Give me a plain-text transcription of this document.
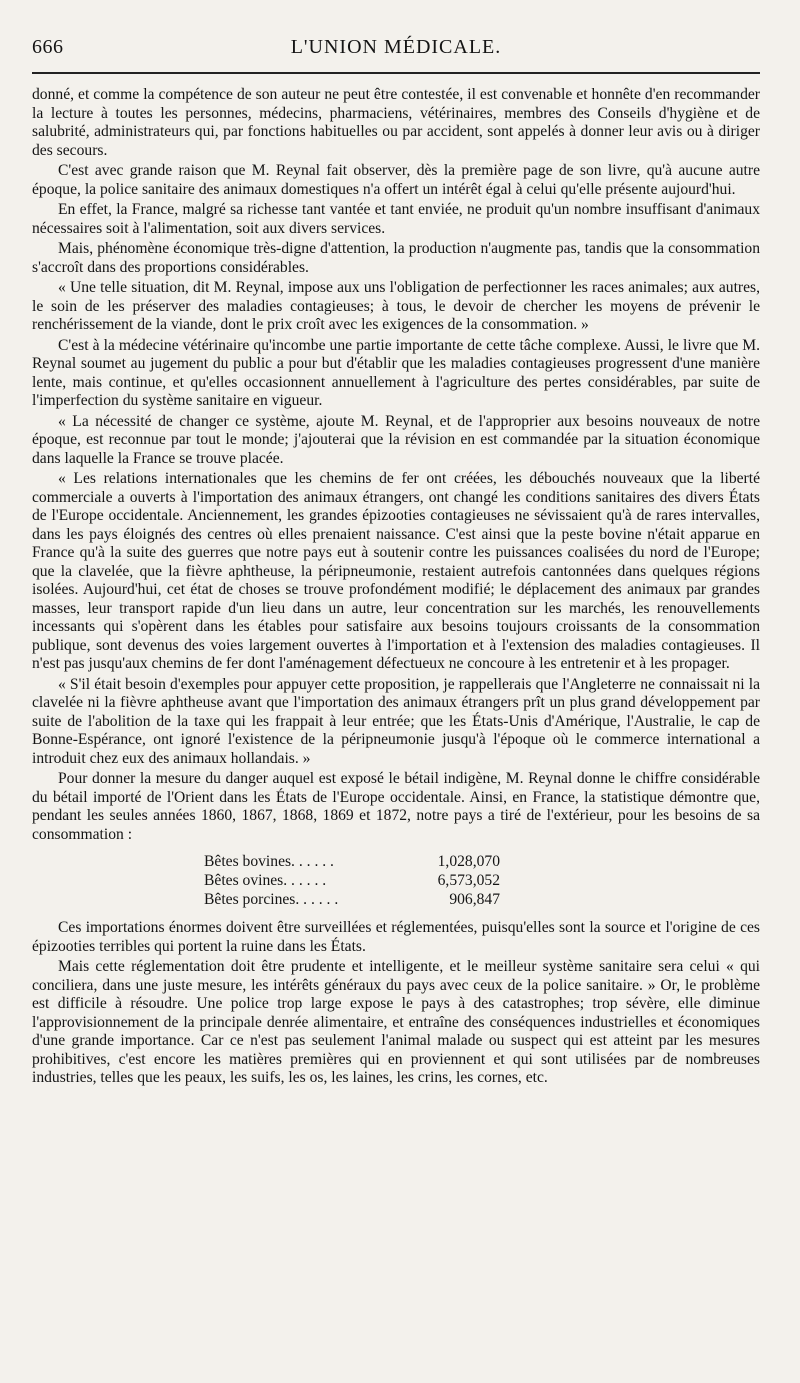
666	L'UNION MÉDICALE.

donné, et comme la compétence de son auteur ne peut être contestée, il est convenable et honnête d'en recommander la lecture à toutes les personnes, médecins, pharmaciens, vétérinaires, membres des Conseils d'hygiène et de salubrité, administrateurs qui, par fonctions habituelles ou par accident, sont appelés à donner leur avis ou à diriger des secours.

C'est avec grande raison que M. Reynal fait observer, dès la première page de son livre, qu'à aucune autre époque, la police sanitaire des animaux domestiques n'a offert un intérêt égal à celui qu'elle présente aujourd'hui.

En effet, la France, malgré sa richesse tant vantée et tant enviée, ne produit qu'un nombre insuffisant d'animaux nécessaires soit à l'alimentation, soit aux divers services.

Mais, phénomène économique très-digne d'attention, la production n'augmente pas, tandis que la consommation s'accroît dans des proportions considérables.

« Une telle situation, dit M. Reynal, impose aux uns l'obligation de perfectionner les races animales; aux autres, le soin de les préserver des maladies contagieuses; à tous, le devoir de chercher les moyens de prévenir le renchérissement de la viande, dont le prix croît avec les exigences de la consommation. »

C'est à la médecine vétérinaire qu'incombe une partie importante de cette tâche complexe. Aussi, le livre que M. Reynal soumet au jugement du public a pour but d'établir que les maladies contagieuses progressent d'une manière lente, mais continue, et qu'elles occasionnent annuellement à l'agriculture des pertes considérables, par suite de l'imperfection du système sanitaire en vigueur.

« La nécessité de changer ce système, ajoute M. Reynal, et de l'approprier aux besoins nouveaux de notre époque, est reconnue par tout le monde; j'ajouterai que la révision en est commandée par la situation économique dans laquelle la France se trouve placée.

« Les relations internationales que les chemins de fer ont créées, les débouchés nouveaux que la liberté commerciale a ouverts à l'importation des animaux étrangers, ont changé les conditions sanitaires des divers États de l'Europe occidentale. Anciennement, les grandes épizooties contagieuses ne sévissaient qu'à de rares intervalles, dans les pays éloignés des centres où elles prenaient naissance. C'est ainsi que la peste bovine n'était apparue en France qu'à la suite des guerres que notre pays eut à soutenir contre les puissances coalisées du nord de l'Europe; que la clavelée, que la fièvre aphtheuse, la péripneumonie, restaient autrefois cantonnées dans quelques régions isolées. Aujourd'hui, cet état de choses se trouve profondément modifié; le déplacement des animaux par grandes masses, leur transport rapide d'un lieu dans un autre, leur concentration sur les marchés, les renouvellements incessants qui s'opèrent dans les étables pour satisfaire aux besoins toujours croissants de la consommation publique, sont devenus des voies largement ouvertes à l'importation et à l'extension des maladies contagieuses. Il n'est pas jusqu'aux chemins de fer dont l'aménagement défectueux ne concoure à les entretenir et à les propager.

« S'il était besoin d'exemples pour appuyer cette proposition, je rappellerais que l'Angleterre ne connaissait ni la clavelée ni la fièvre aphtheuse avant que l'importation des animaux étrangers prît un plus grand développement par suite de l'abolition de la taxe qui les frappait à leur entrée; que les États-Unis d'Amérique, l'Australie, le cap de Bonne-Espérance, ont ignoré l'existence de la péripneumonie jusqu'à l'époque où le commerce international a introduit chez eux des animaux hollandais. »

Pour donner la mesure du danger auquel est exposé le bétail indigène, M. Reynal donne le chiffre considérable du bétail importé de l'Orient dans les États de l'Europe occidentale. Ainsi, en France, la statistique démontre que, pendant les seules années 1860, 1867, 1868, 1869 et 1872, notre pays a tiré de l'extérieur, pour les besoins de sa consommation :

Bêtes bovines. . . . . .	1,028,070
Bêtes ovines. . . . . .	6,573,052
Bêtes porcines. . . . . .	906,847

Ces importations énormes doivent être surveillées et réglementées, puisqu'elles sont la source et l'origine de ces épizooties terribles qui portent la ruine dans les États.

Mais cette réglementation doit être prudente et intelligente, et le meilleur système sanitaire sera celui « qui conciliera, dans une juste mesure, les intérêts généraux du pays avec ceux de la police sanitaire. » Or, le problème est difficile à résoudre. Une police trop large expose le pays à des catastrophes; trop sévère, elle diminue l'approvisionnement de la principale denrée alimentaire, et entraîne des conséquences industrielles et économiques d'une grande importance. Car ce n'est pas seulement l'animal malade ou suspect qui est atteint par les mesures prohibitives, c'est encore les matières premières qui en proviennent et qui sont utilisées par de nombreuses industries, telles que les peaux, les suifs, les os, les laines, les crins, les cornes, etc.
